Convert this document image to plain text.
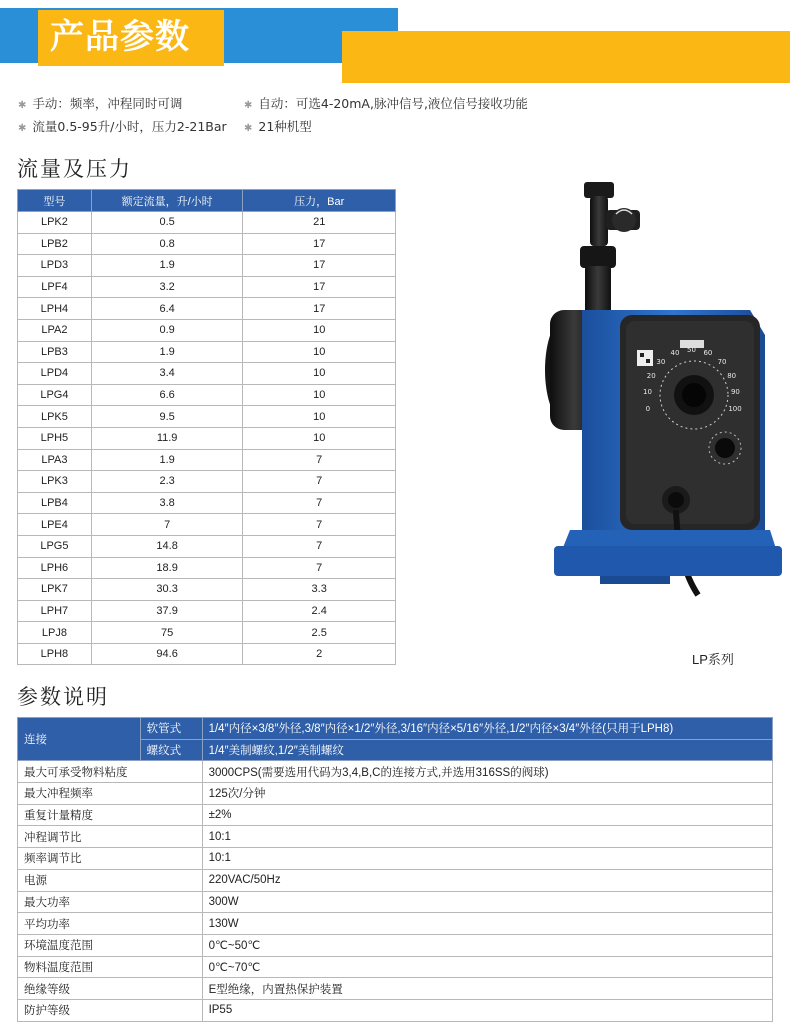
产品参数
✱ 手动：频率，冲程同时可调	✱ 自动：可选4-20mA,脉冲信号,液位信号接收功能
✱ 流量0.5-95升/小时，压力2-21Bar ✱ 21种机型
流量及压力
型号	额定流量，升/小时	压力，Bar
LPK2	0.5	21
LPB2	0.8	17
LPD3	1.9	17
LPF4	3.2	17
LPH4	6.4	17
LPA2	0.9	10
LPB3	1.9	10
LPD4	3.4	10
LPG4	6.6	10
LPK5	9.5	10
LPH5	11.9	10
LPA3	1.9	7
LPK3	2.3	7
LPB4	3.8	7
LPE4	7	7
LPG5	14.8	7
LPH6	18.9	7
LPK7	30.3	3.3
LPH7	37.9	2.4
LPJ8	75	2.5
LPH8	94.6	2
0
10
20
30
40 50 60
70
80
90
100
LP系列
参数说明
连接	软管式	1/4″内径×3/8″外径,3/8″内径×1/2″外径,3/16″内径×5/16″外径,1/2″内径×3/4″外径(只用于LPH8)
	螺纹式	1/4″美制螺纹,1/2″美制螺纹
最大可承受物料粘度		3000CPS(需要选用代码为3,4,B,C的连接方式,并选用316SS的阀球)
最大冲程频率		125次/分钟
重复计量精度		±2%
冲程调节比		10:1
频率调节比		10:1
电源		220VAC/50Hz
最大功率		300W
平均功率		130W
环境温度范围		0℃~50℃
物料温度范围		0℃~70℃
绝缘等级		E型绝缘，内置热保护装置
防护等级		IP55
